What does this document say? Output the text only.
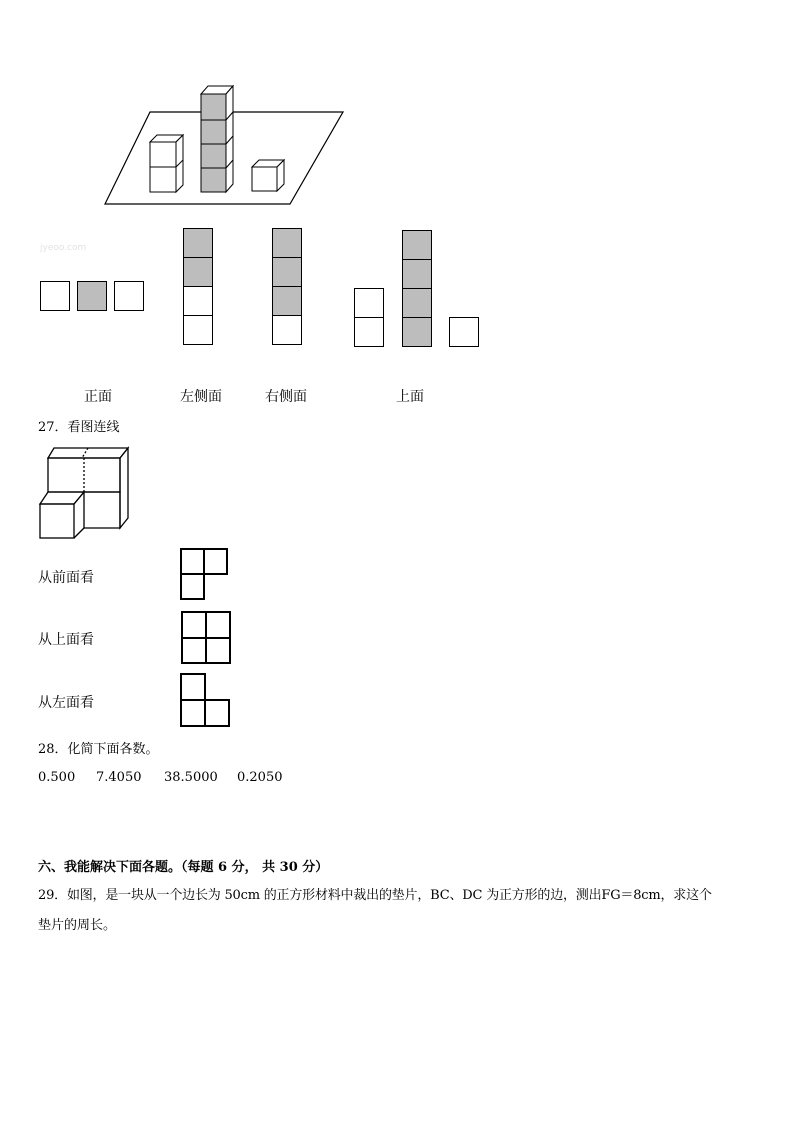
jyeoo.com
正面	左侧面	右侧面	上面
27．看图连线
从前面看
从上面看
从左面看
28．化简下面各数。
0.500 7.4050 38.5000 0.2050
六、我能解决下面各题。（每题 6 分， 共 30 分）
29．如图，是一块从一个边长为 50cm 的正方形材料中裁出的垫片，BC、DC 为正方形的边，测出FG＝8cm，求这个
垫片的周长。
